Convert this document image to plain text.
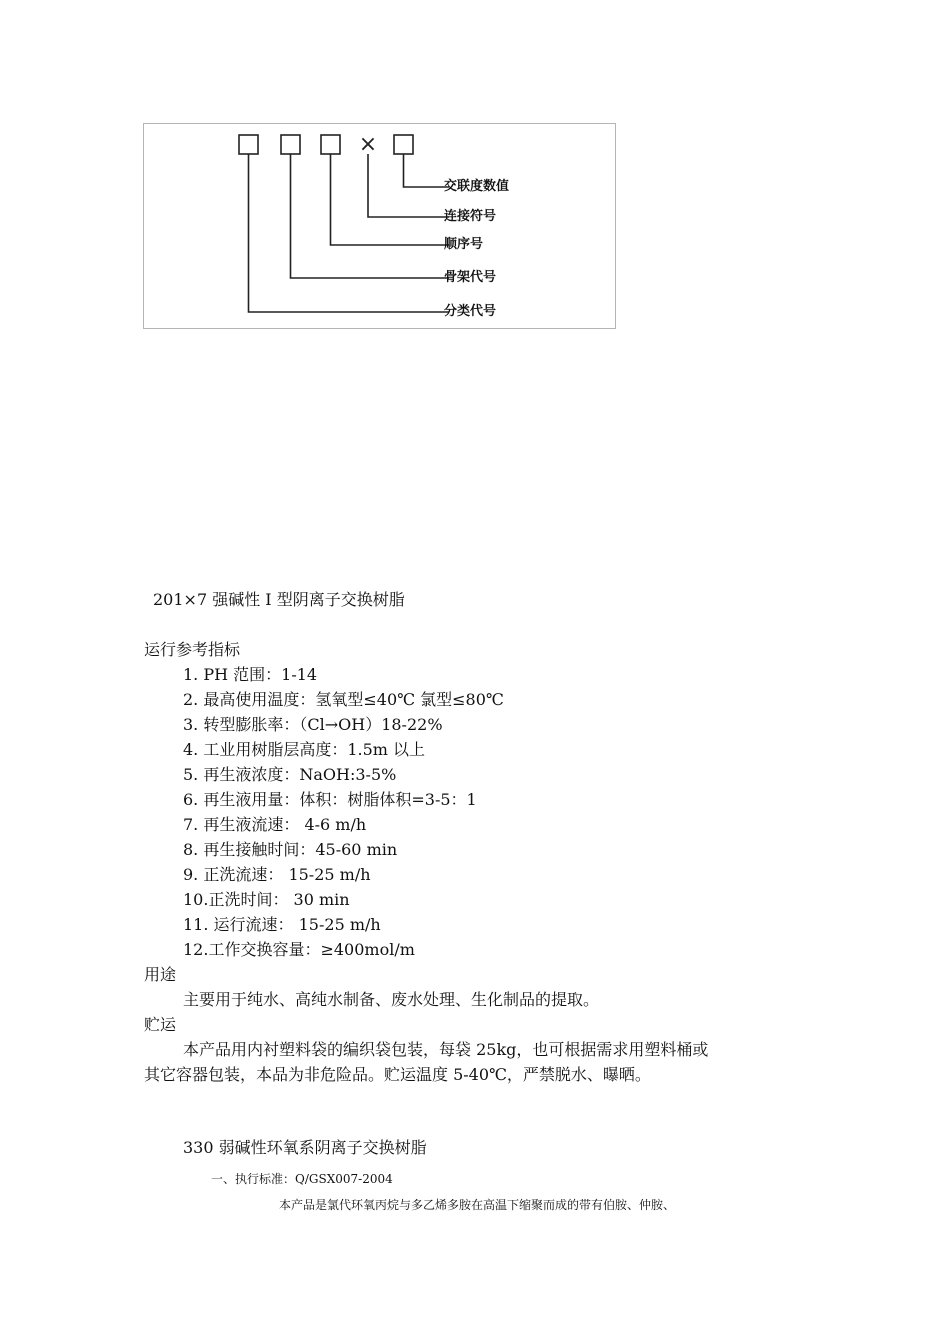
×
交联度数值
连接符号
顺序号
骨架代号
分类代号
201×7 强碱性 I 型阴离子交换树脂
运行参考指标
1. PH 范围：1-14
2. 最高使用温度：氢氧型≤40℃ 氯型≤80℃
3. 转型膨胀率：（Cl→OH）18-22%
4. 工业用树脂层高度：1.5m 以上
5. 再生液浓度：NaOH:3-5%
6. 再生液用量：体积：树脂体积=3-5：1
7. 再生液流速： 4-6 m/h
8. 再生接触时间：45-60 min
9. 正洗流速： 15-25 m/h
10.正洗时间： 30 min
11. 运行流速： 15-25 m/h
12.工作交换容量：≥400mol/m
用途
主要用于纯水、高纯水制备、废水处理、生化制品的提取。
贮运
本产品用内衬塑料袋的编织袋包装，每袋 25kg，也可根据需求用塑料桶或
其它容器包装，本品为非危险品。贮运温度 5-40℃，严禁脱水、曝晒。
330 弱碱性环氧系阴离子交换树脂
一、执行标准：Q/GSX007-2004
本产品是氯代环氧丙烷与多乙烯多胺在高温下缩聚而成的带有伯胺、仲胺、
